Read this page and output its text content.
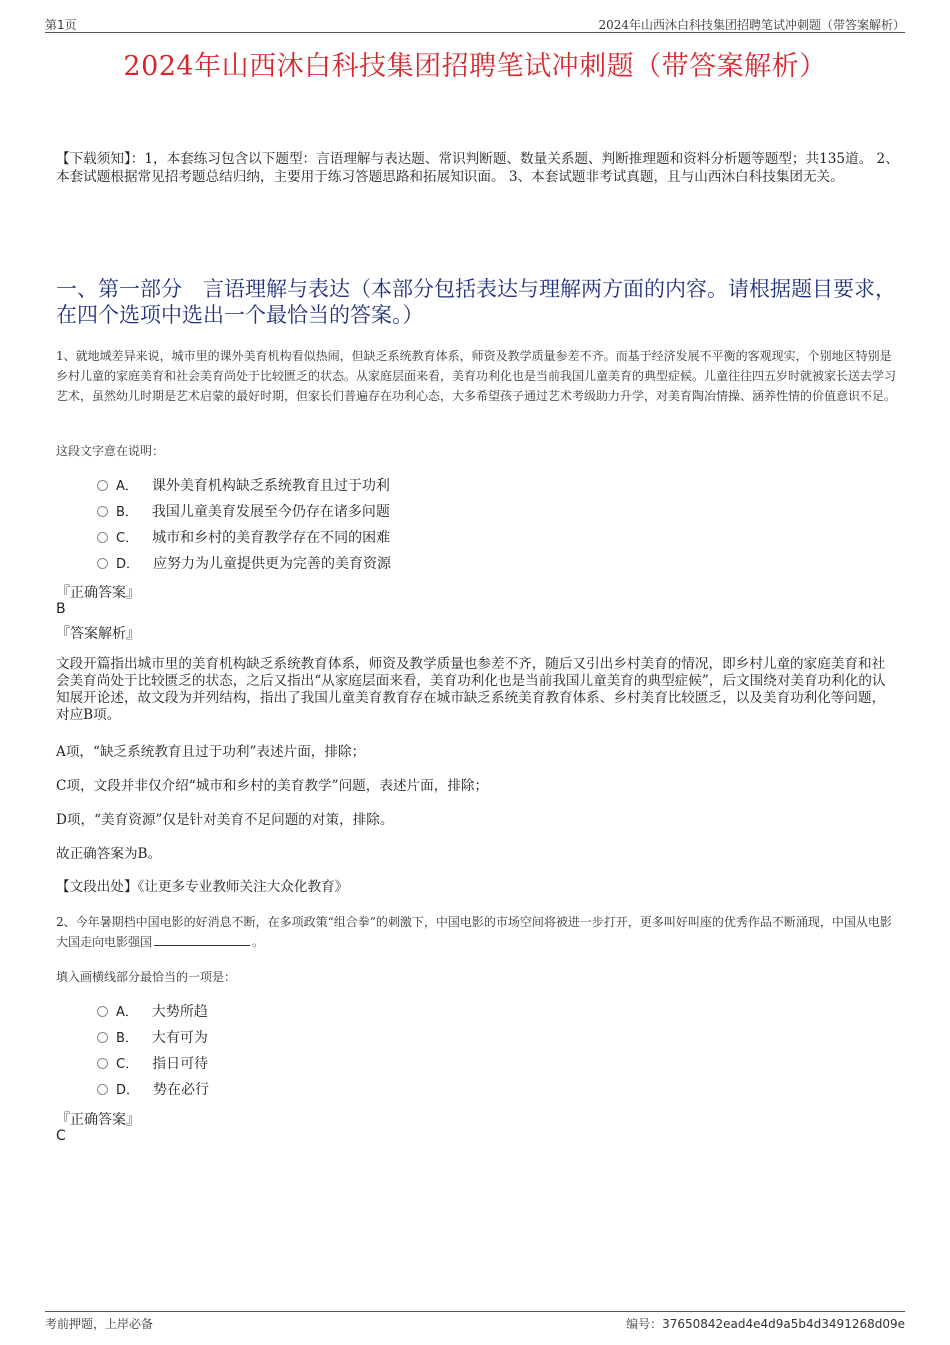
第1页	2024年山西沐白科技集团招聘笔试冲刺题（带答案解析）
2024年山西沐白科技集团招聘笔试冲刺题（带答案解析）
【下载须知】：1，本套练习包含以下题型：言语理解与表达题、常识判断题、数量关系题、判断推理题和资料分析题等题型；共135道。 2、本套试题根据常见招考题总结归纳，主要用于练习答题思路和拓展知识面。 3、本套试题非考试真题，且与山西沐白科技集团无关。
一、第一部分　言语理解与表达（本部分包括表达与理解两方面的内容。请根据题目要求，在四个选项中选出一个最恰当的答案。）
1、就地域差异来说，城市里的课外美育机构看似热闹，但缺乏系统教育体系，师资及教学质量参差不齐。而基于经济发展不平衡的客观现实，个别地区特别是乡村儿童的家庭美育和社会美育尚处于比较匮乏的状态。从家庭层面来看，美育功利化也是当前我国儿童美育的典型症候。儿童往往四五岁时就被家长送去学习艺术，虽然幼儿时期是艺术启蒙的最好时期，但家长们普遍存在功利心态，大多希望孩子通过艺术考级助力升学，对美育陶冶情操、涵养性情的价值意识不足。
这段文字意在说明：
A． 课外美育机构缺乏系统教育且过于功利
B． 我国儿童美育发展至今仍存在诸多问题
C． 城市和乡村的美育教学存在不同的困难
D． 应努力为儿童提供更为完善的美育资源
『正确答案』
B
『答案解析』
文段开篇指出城市里的美育机构缺乏系统教育体系，师资及教学质量也参差不齐，随后又引出乡村美育的情况，即乡村儿童的家庭美育和社会美育尚处于比较匮乏的状态，之后又指出“从家庭层面来看，美育功利化也是当前我国儿童美育的典型症候”，后文围绕对美育功利化的认知展开论述，故文段为并列结构，指出了我国儿童美育教育存在城市缺乏系统美育教育体系、乡村美育比较匮乏，以及美育功利化等问题，对应B项。
A项，“缺乏系统教育且过于功利”表述片面，排除；
C项，文段并非仅介绍“城市和乡村的美育教学”问题，表述片面，排除；
D项，“美育资源”仅是针对美育不足问题的对策，排除。
故正确答案为B。
【文段出处】《让更多专业教师关注大众化教育》
2、今年暑期档中国电影的好消息不断，在多项政策“组合拳”的刺激下，中国电影的市场空间将被进一步打开，更多叫好叫座的优秀作品不断涌现，中国从电影大国走向电影强国	。
填入画横线部分最恰当的一项是：
A． 大势所趋
B． 大有可为
C． 指日可待
D． 势在必行
『正确答案』
C
考前押题，上岸必备	编号：37650842ead4e4d9a5b4d3491268d09e
